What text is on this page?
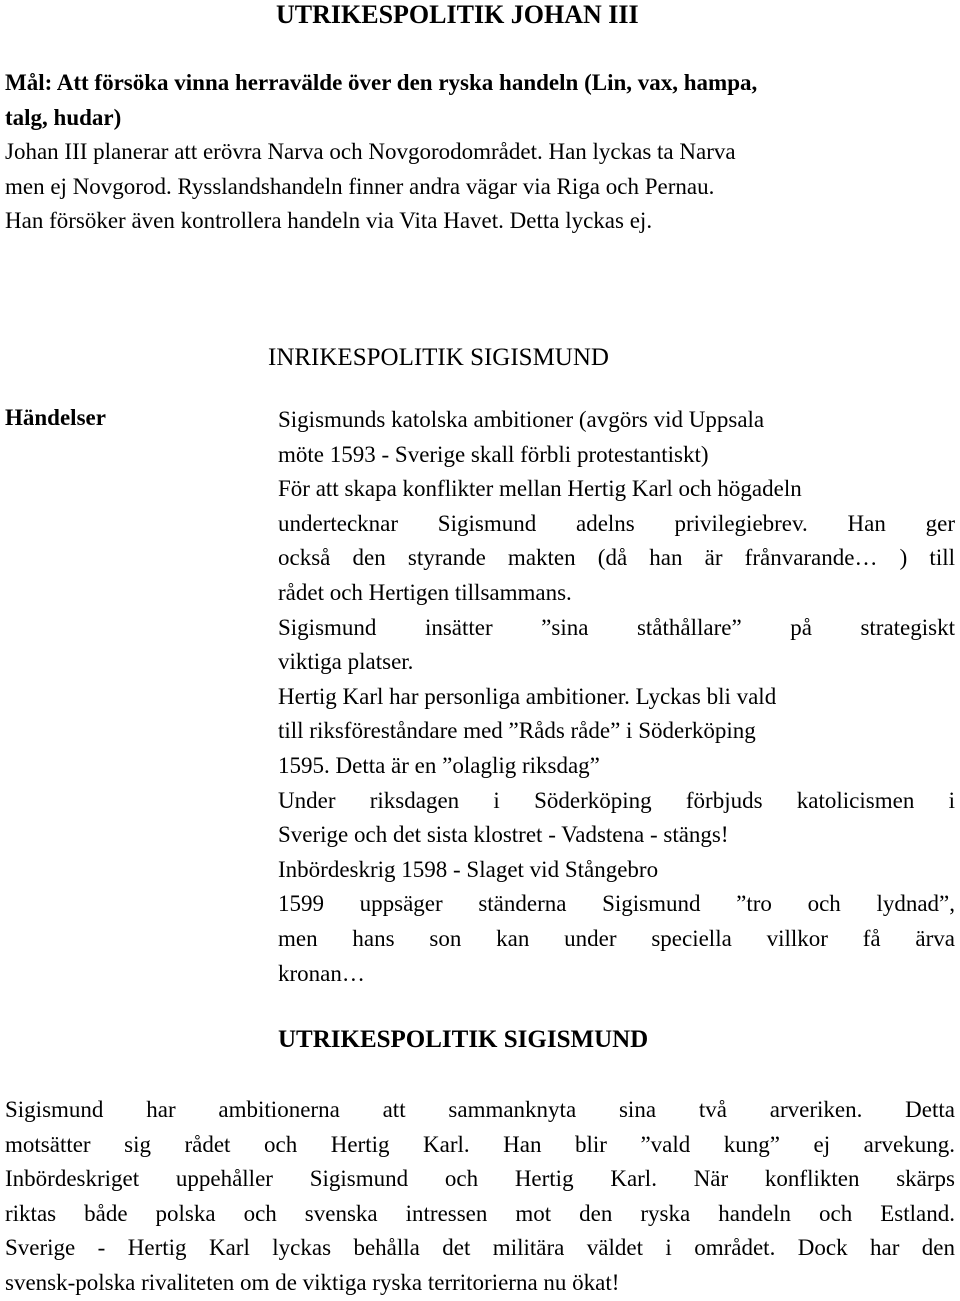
UTRIKESPOLITIK JOHAN III
Mål: Att försöka vinna herravälde över den ryska handeln (Lin, vax, hampa,
talg, hudar)
Johan III planerar att erövra Narva och Novgorodområdet. Han lyckas ta Narva
men ej Novgorod. Rysslandshandeln finner andra vägar via Riga och Pernau.
Han försöker även kontrollera handeln via Vita Havet. Detta lyckas ej.
INRIKESPOLITIK SIGISMUND
Händelser	Sigismunds katolska ambitioner (avgörs vid Uppsala
möte 1593 - Sverige skall förbli protestantiskt)
För att skapa konflikter mellan Hertig Karl och högadeln
undertecknar Sigismund adelns privilegiebrev. Han ger
också den styrande makten (då han är frånvarande… ) till
rådet och Hertigen tillsammans.
Sigismund insätter ”sina ståthållare” på strategiskt
viktiga platser.
Hertig Karl har personliga ambitioner. Lyckas bli vald
till riksföreståndare med ”Råds råde” i Söderköping
1595. Detta är en ”olaglig riksdag”
Under riksdagen i Söderköping förbjuds katolicismen i
Sverige och det sista klostret - Vadstena - stängs!
Inbördeskrig 1598 - Slaget vid Stångebro
1599 uppsäger ständerna Sigismund ”tro och lydnad”,
men hans son kan under speciella villkor få ärva
kronan…
UTRIKESPOLITIK SIGISMUND
Sigismund har ambitionerna att sammanknyta sina två arveriken. Detta
motsätter sig rådet och Hertig Karl. Han blir ”vald kung” ej arvekung.
Inbördeskriget uppehåller Sigismund och Hertig Karl. När konflikten skärps
riktas både polska och svenska intressen mot den ryska handeln och Estland.
Sverige - Hertig Karl lyckas behålla det militära väldet i området. Dock har den
svensk-polska rivaliteten om de viktiga ryska territorierna nu ökat!
